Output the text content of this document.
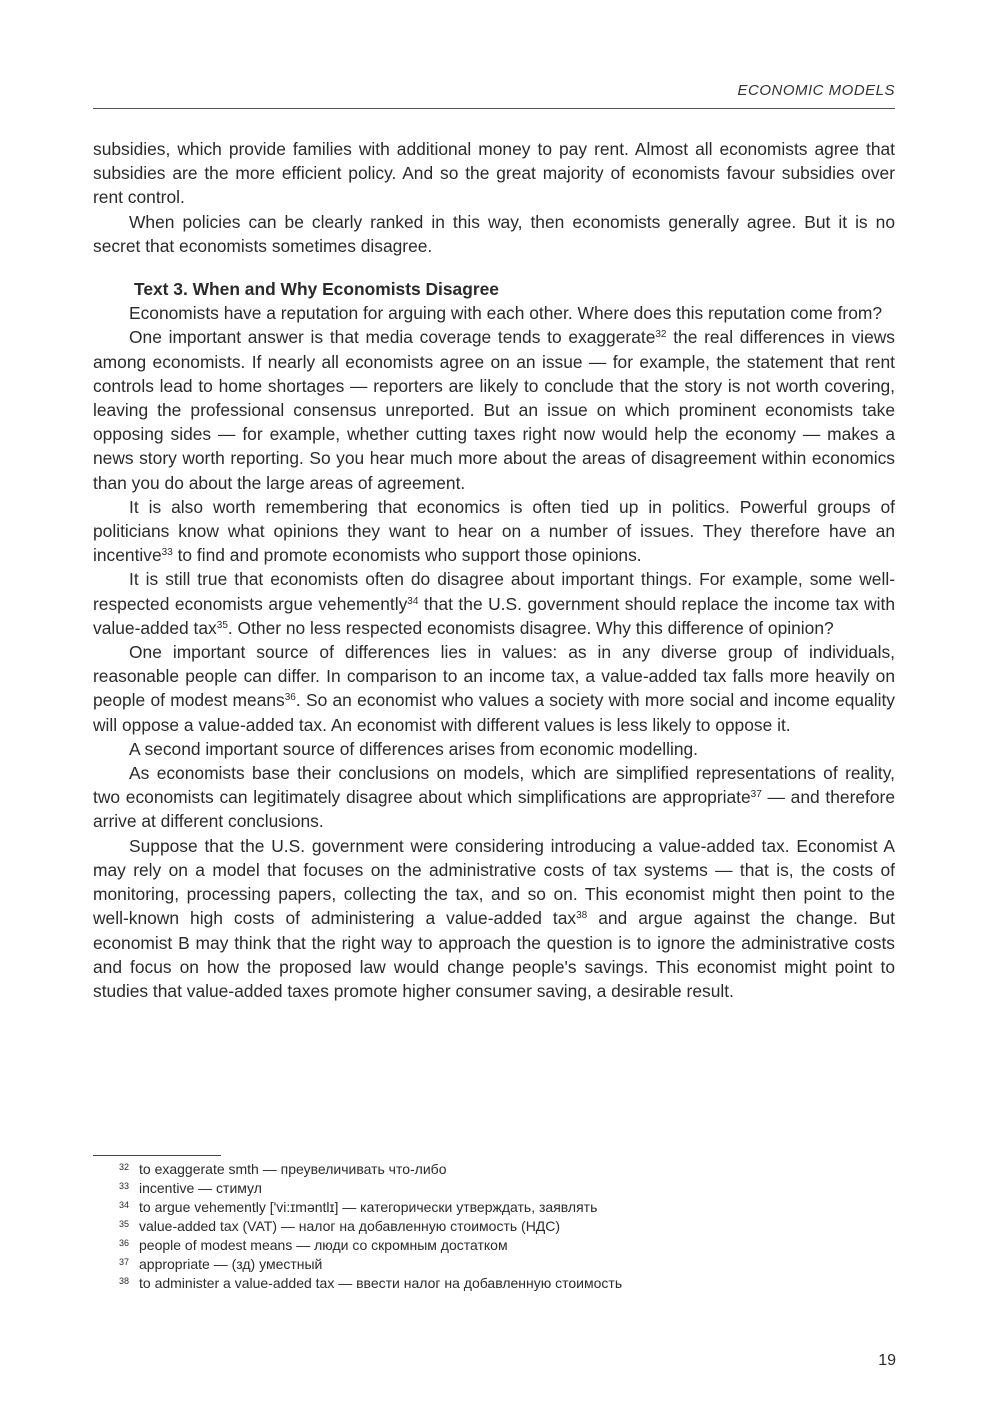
ECONOMIC MODELS

subsidies, which provide families with additional money to pay rent. Almost all economists agree that subsidies are the more efficient policy. And so the great majority of economists favour subsidies over rent control.

When policies can be clearly ranked in this way, then economists generally agree. But it is no secret that economists sometimes disagree.

Text 3. When and Why Economists Disagree

Economists have a reputation for arguing with each other. Where does this reputation come from?

One important answer is that media coverage tends to exaggerate$^{32}$ the real differences in views among economists. If nearly all economists agree on an issue — for example, the statement that rent controls lead to home shortages — reporters are likely to conclude that the story is not worth covering, leaving the professional consensus unreported. But an issue on which prominent economists take opposing sides — for example, whether cutting taxes right now would help the economy — makes a news story worth reporting. So you hear much more about the areas of disagreement within economics than you do about the large areas of agreement.

It is also worth remembering that economics is often tied up in politics. Powerful groups of politicians know what opinions they want to hear on a number of issues. They therefore have an incentive$^{33}$ to find and promote economists who support those opinions.

It is still true that economists often do disagree about important things. For example, some well-respected economists argue vehemently$^{34}$ that the U.S. government should replace the income tax with value-added tax$^{35}$. Other no less respected economists disagree. Why this difference of opinion?

One important source of differences lies in values: as in any diverse group of individuals, reasonable people can differ. In comparison to an income tax, a value-added tax falls more heavily on people of modest means$^{36}$. So an economist who values a society with more social and income equality will oppose a value-added tax. An economist with different values is less likely to oppose it.

A second important source of differences arises from economic modelling.

As economists base their conclusions on models, which are simplified representations of reality, two economists can legitimately disagree about which simplifications are appropriate$^{37}$ — and therefore arrive at different conclusions.

Suppose that the U.S. government were considering introducing a value-added tax. Economist A may rely on a model that focuses on the administrative costs of tax systems — that is, the costs of monitoring, processing papers, collecting the tax, and so on. This economist might then point to the well-known high costs of administering a value-added tax$^{38}$ and argue against the change. But economist B may think that the right way to approach the question is to ignore the administrative costs and focus on how the proposed law would change people's savings. This economist might point to studies that value-added taxes promote higher consumer saving, a desirable result.

$^{32}$ to exaggerate smth — преувеличивать что-либо
$^{33}$ incentive — стимул
$^{34}$ to argue vehemently ['vi:ɪməntlɪ] — категорически утверждать, заявлять
$^{35}$ value-added tax (VAT) — налог на добавленную стоимость (НДС)
$^{36}$ people of modest means — люди со скромным достатком
$^{37}$ appropriate — (зд) уместный
$^{38}$ to administer a value-added tax — ввести налог на добавленную стоимость
19
